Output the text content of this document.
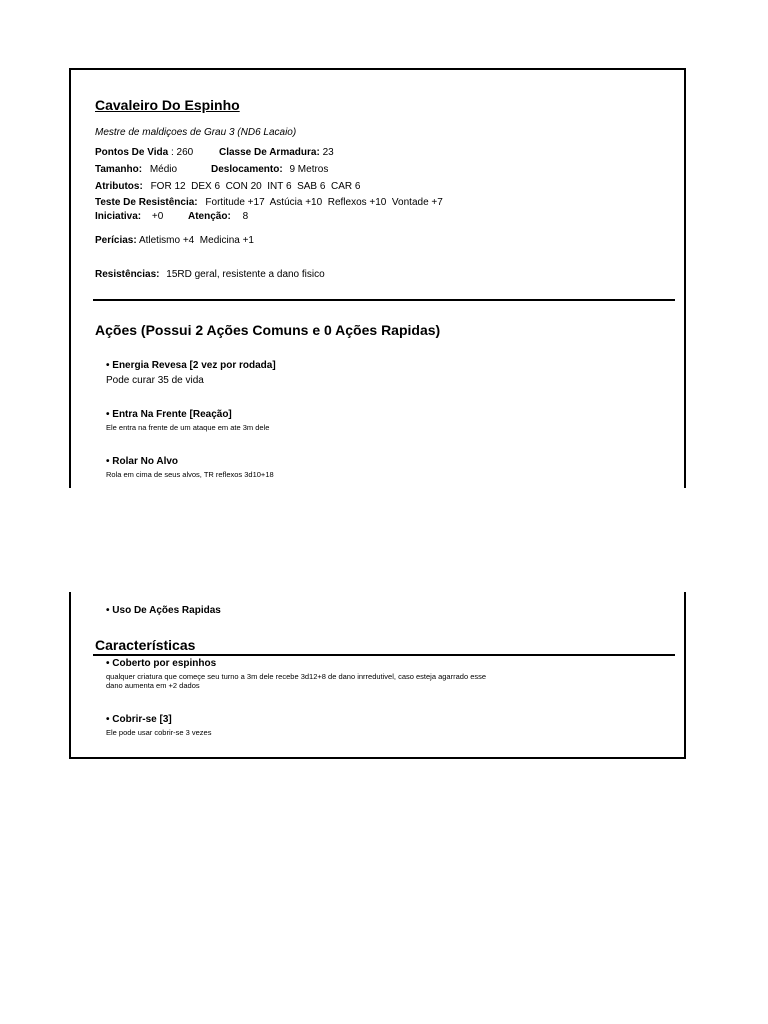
Cavaleiro Do Espinho
Mestre de maldiçoes de Grau 3 (ND6 Lacaio)
Pontos De Vida : 260	Classe De Armadura: 23
Tamanho: Médio	Deslocamento: 9 Metros
Atributos: FOR 12  DEX 6  CON 20  INT 6  SAB 6  CAR 6
Teste De Resistência: Fortitude +17  Astúcia +10  Reflexos +10  Vontade +7
Iniciativa: +0 Atenção: 8
Perícias: Atletismo +4  Medicina +1
Resistências: 15RD geral, resistente a dano fisico
Ações (Possui 2 Ações Comuns e 0 Ações Rapidas)
• Energia Revesa [2 vez por rodada]
Pode curar 35 de vida
• Entra Na Frente [Reação]
Ele entra na frente de um ataque em ate 3m dele
• Rolar No Alvo
Rola em cima de seus alvos, TR reflexos 3d10+18
• Uso De Ações Rapidas
Características
• Coberto por espinhos
qualquer criatura que começe seu turno a 3m dele recebe 3d12+8 de dano inrredutivel, caso esteja agarrado esse
dano aumenta em +2 dados
• Cobrir-se [3]
Ele pode usar cobrir-se 3 vezes
